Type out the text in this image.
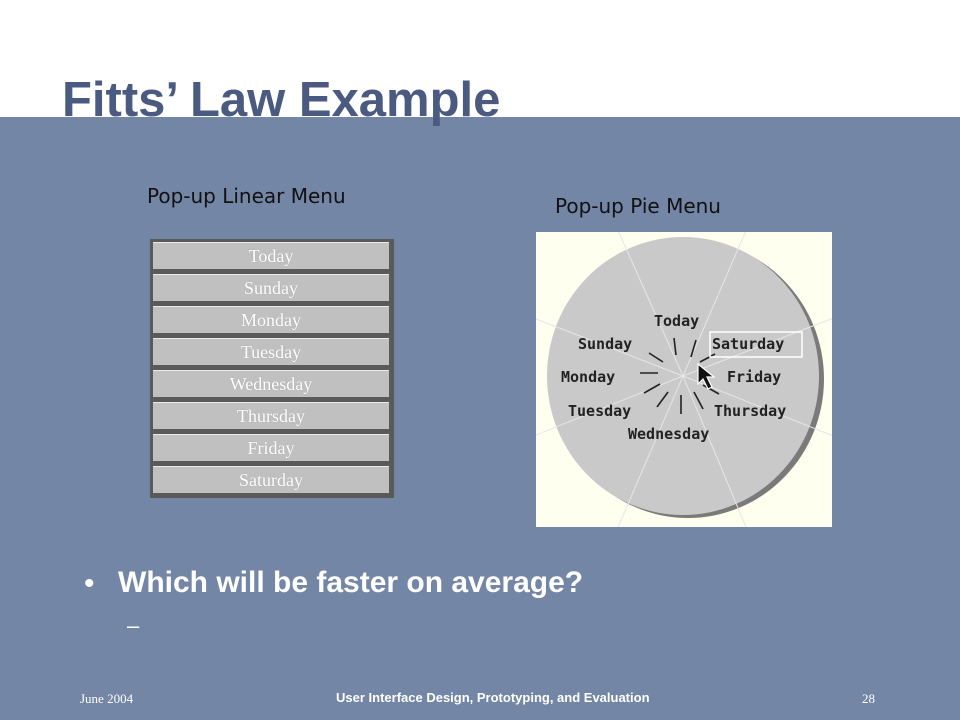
Fitts’ Law Example
Pop-up Linear Menu	Pop-up Pie Menu
Today
Sunday
Monday
Tuesday
Wednesday
Thursday
Friday
Saturday
Today
Sunday	Saturday
Monday	Friday
Tuesday	Thursday
Wednesday
• Which will be faster on average?
–
June 2004	User Interface Design, Prototyping, and Evaluation	28
